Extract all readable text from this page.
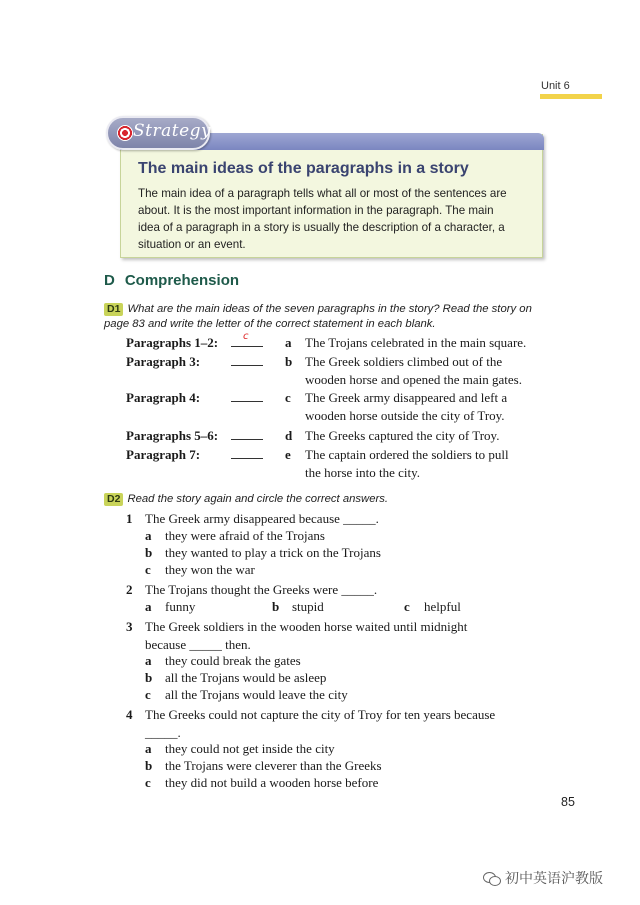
Unit 6
Strategy
The main ideas of the paragraphs in a story
The main idea of a paragraph tells what all or most of the sentences are
about. It is the most important information in the paragraph. The main
idea of a paragraph in a story is usually the description of a character, a
situation or an event.
D Comprehension
D1 What are the main ideas of the seven paragraphs in the story? Read the story on
page 83 and write the letter of the correct statement in each blank.
Paragraphs 1–2: c	a The Trojans celebrated in the main square.
Paragraph 3:	b The Greek soldiers climbed out of the
wooden horse and opened the main gates.
Paragraph 4:	c The Greek army disappeared and left a
wooden horse outside the city of Troy.
Paragraphs 5–6:	d The Greeks captured the city of Troy.
Paragraph 7:	e The captain ordered the soldiers to pull
the horse into the city.
D2 Read the story again and circle the correct answers.
1 The Greek army disappeared because _____.
a they were afraid of the Trojans
b they wanted to play a trick on the Trojans
c they won the war
2 The Trojans thought the Greeks were _____.
a funny	b stupid	c helpful
3 The Greek soldiers in the wooden horse waited until midnight
because _____ then.
a they could break the gates
b all the Trojans would be asleep
c all the Trojans would leave the city
4 The Greeks could not capture the city of Troy for ten years because
_____.
a they could not get inside the city
b the Trojans were cleverer than the Greeks
c they did not build a wooden horse before
85
初中英语沪教版
